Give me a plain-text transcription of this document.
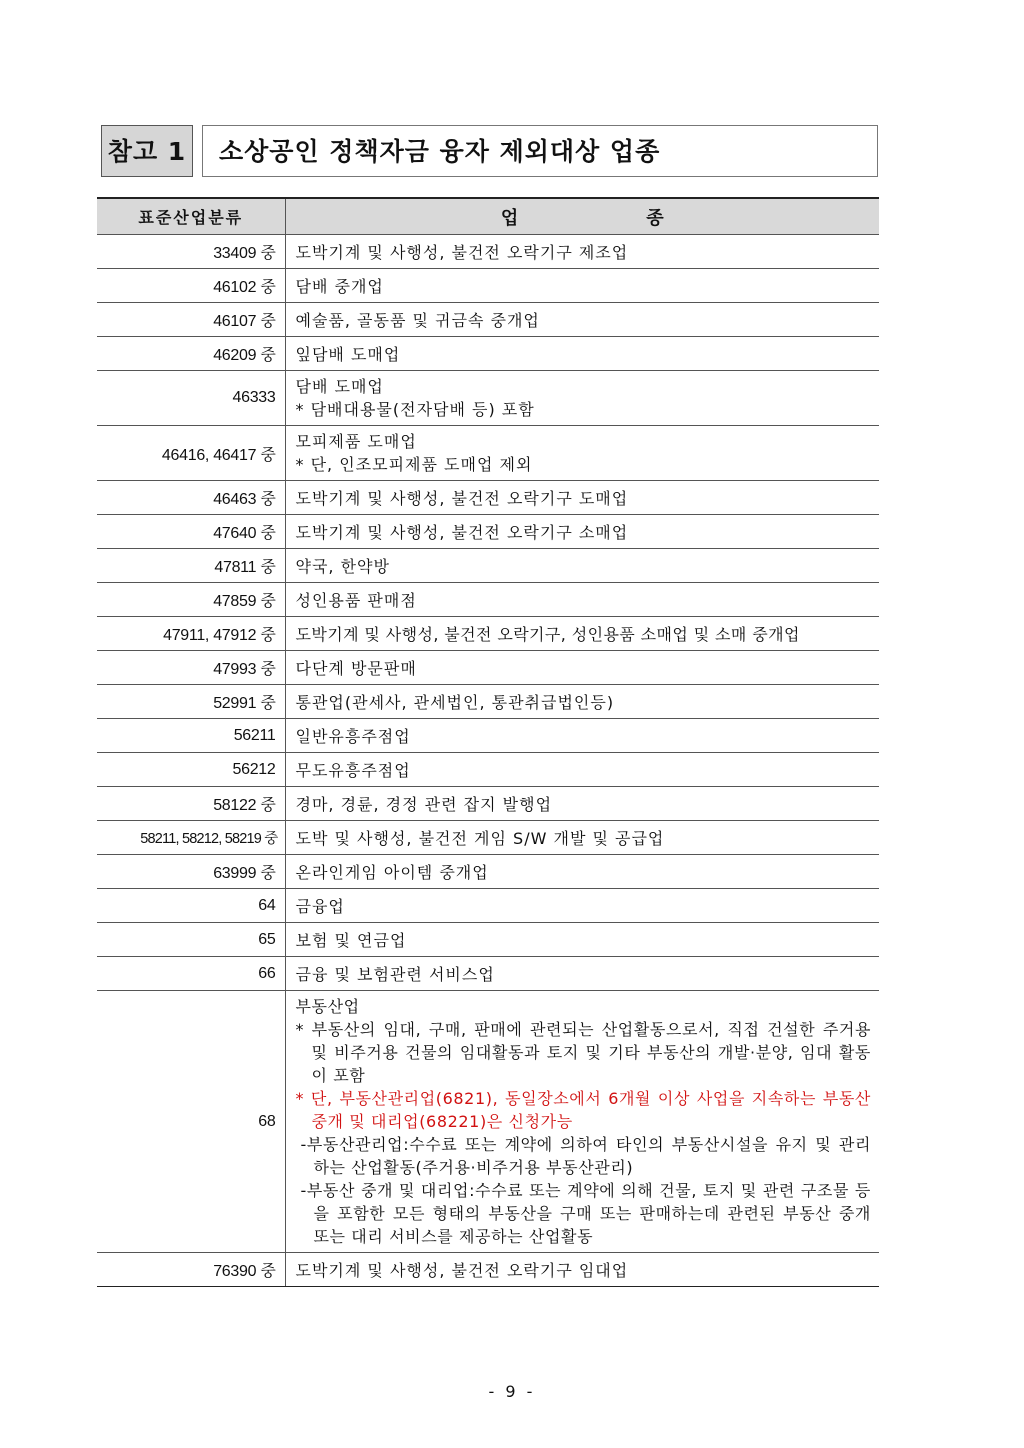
참고 1	소상공인 정책자금 융자 제외대상 업종
표준산업분류	업 종
33409 중	도박기계 및 사행성, 불건전 오락기구 제조업
46102 중	담배 중개업
46107 중	예술품, 골동품 및 귀금속 중개업
46209 중	잎담배 도매업
46333	담배 도매업
* 담배대용물(전자담배 등) 포함

46416, 46417 중	모피제품 도매업
* 단, 인조모피제품 도매업 제외

46463 중	도박기계 및 사행성, 불건전 오락기구 도매업
47640 중	도박기계 및 사행성, 불건전 오락기구 소매업
47811 중	약국, 한약방
47859 중	성인용품 판매점
47911, 47912 중	도박기계 및 사행성, 불건전 오락기구, 성인용품 소매업 및 소매 중개업
47993 중	다단계 방문판매
52991 중	통관업(관세사, 관세법인, 통관취급법인등)
56211	일반유흥주점업
56212	무도유흥주점업
58122 중	경마, 경륜, 경정 관련 잡지 발행업
58211, 58212, 58219 중	도박 및 사행성, 불건전 게임 S/W 개발 및 공급업
63999 중	온라인게임 아이템 중개업
64	금융업
65	보험 및 연금업
66	금융 및 보험관련 서비스업
68	부동산업
* 부동산의 임대, 구매, 판매에 관련되는 산업활동으로서, 직접 건설한 주거용 및 비주거용 건물의 임대활동과 토지 및 기타 부동산의 개발·분양, 임대 활동이 포함
* 단, 부동산관리업(6821), 동일장소에서 6개월 이상 사업을 지속하는 부동산 중개 및 대리업(68221)은 신청가능
-부동산관리업:수수료 또는 계약에 의하여 타인의 부동산시설을 유지 및 관리하는 산업활동(주거용·비주거용 부동산관리)
-부동산 중개 및 대리업:수수료 또는 계약에 의해 건물, 토지 및 관련 구조물 등을 포함한 모든 형태의 부동산을 구매 또는 판매하는데 관련된 부동산 중개 또는 대리 서비스를 제공하는 산업활동

76390 중	도박기계 및 사행성, 불건전 오락기구 임대업
- 9 -
